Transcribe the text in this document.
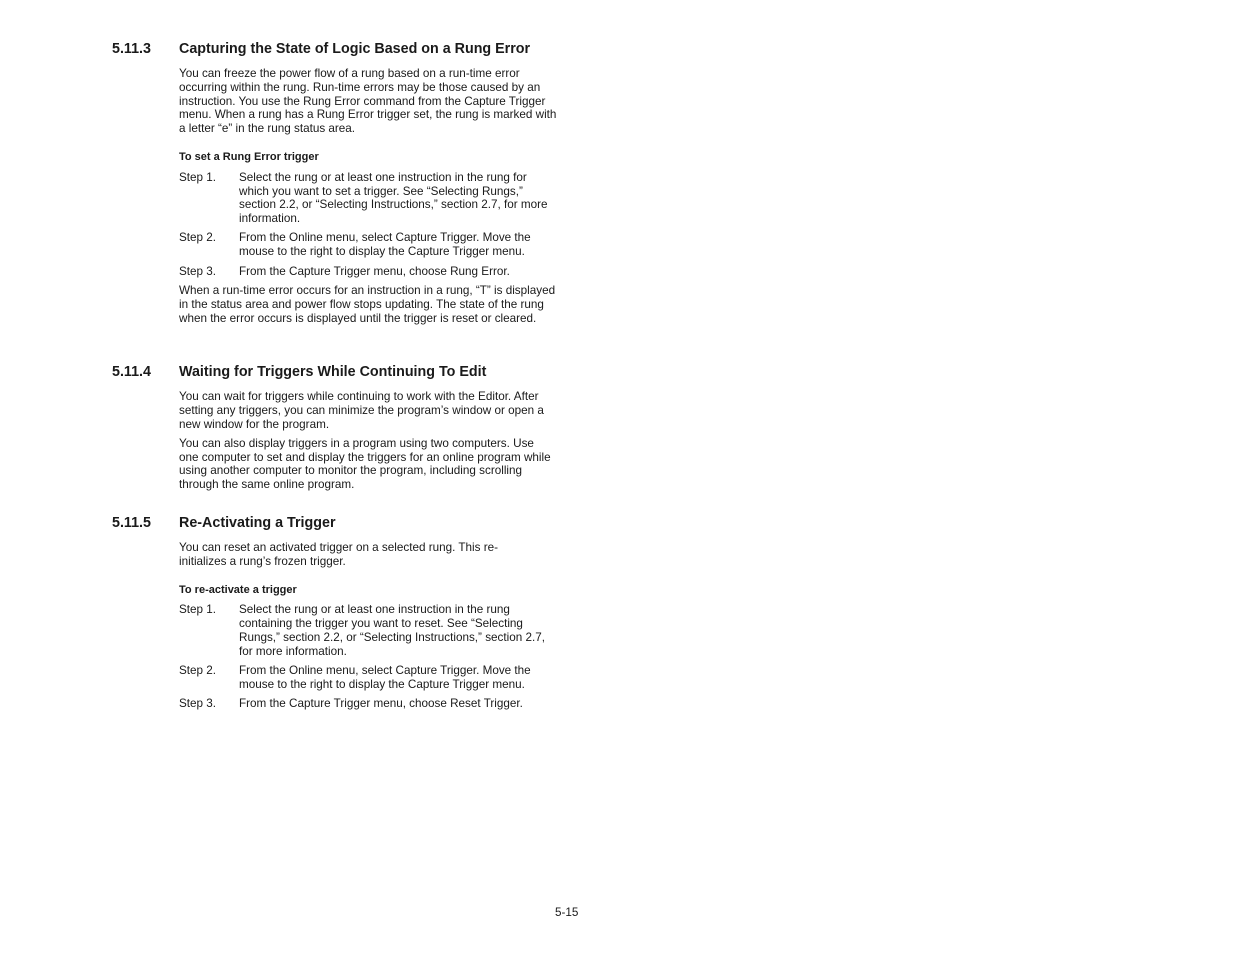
5.11.3	Capturing the State of Logic Based on a Rung Error

You can freeze the power flow of a rung based on a run-time error occurring within the rung. Run-time errors may be those caused by an instruction. You use the Rung Error command from the Capture Trigger menu. When a rung has a Rung Error trigger set, the rung is marked with a letter “e” in the rung status area.

To set a Rung Error trigger

Step 1.	Select the rung or at least one instruction in the rung for which you want to set a trigger. See “Selecting Rungs,” section 2.2, or “Selecting Instructions,” section 2.7, for more information.
Step 2.	From the Online menu, select Capture Trigger. Move the mouse to the right to display the Capture Trigger menu.
Step 3.	From the Capture Trigger menu, choose Rung Error.

When a run-time error occurs for an instruction in a rung, “T” is displayed in the status area and power flow stops updating. The state of the rung when the error occurs is displayed until the trigger is reset or cleared.

5.11.4	Waiting for Triggers While Continuing To Edit

You can wait for triggers while continuing to work with the Editor. After setting any triggers, you can minimize the program’s window or open a new window for the program.

You can also display triggers in a program using two computers. Use one computer to set and display the triggers for an online program while using another computer to monitor the program, including scrolling through the same online program.

5.11.5	Re-Activating a Trigger

You can reset an activated trigger on a selected rung. This re-initializes a rung’s frozen trigger.

To re-activate a trigger

Step 1.	Select the rung or at least one instruction in the rung containing the trigger you want to reset. See “Selecting Rungs,” section 2.2, or “Selecting Instructions,” section 2.7, for more information.
Step 2.	From the Online menu, select Capture Trigger. Move the mouse to the right to display the Capture Trigger menu.
Step 3.	From the Capture Trigger menu, choose Reset Trigger.
5-15
